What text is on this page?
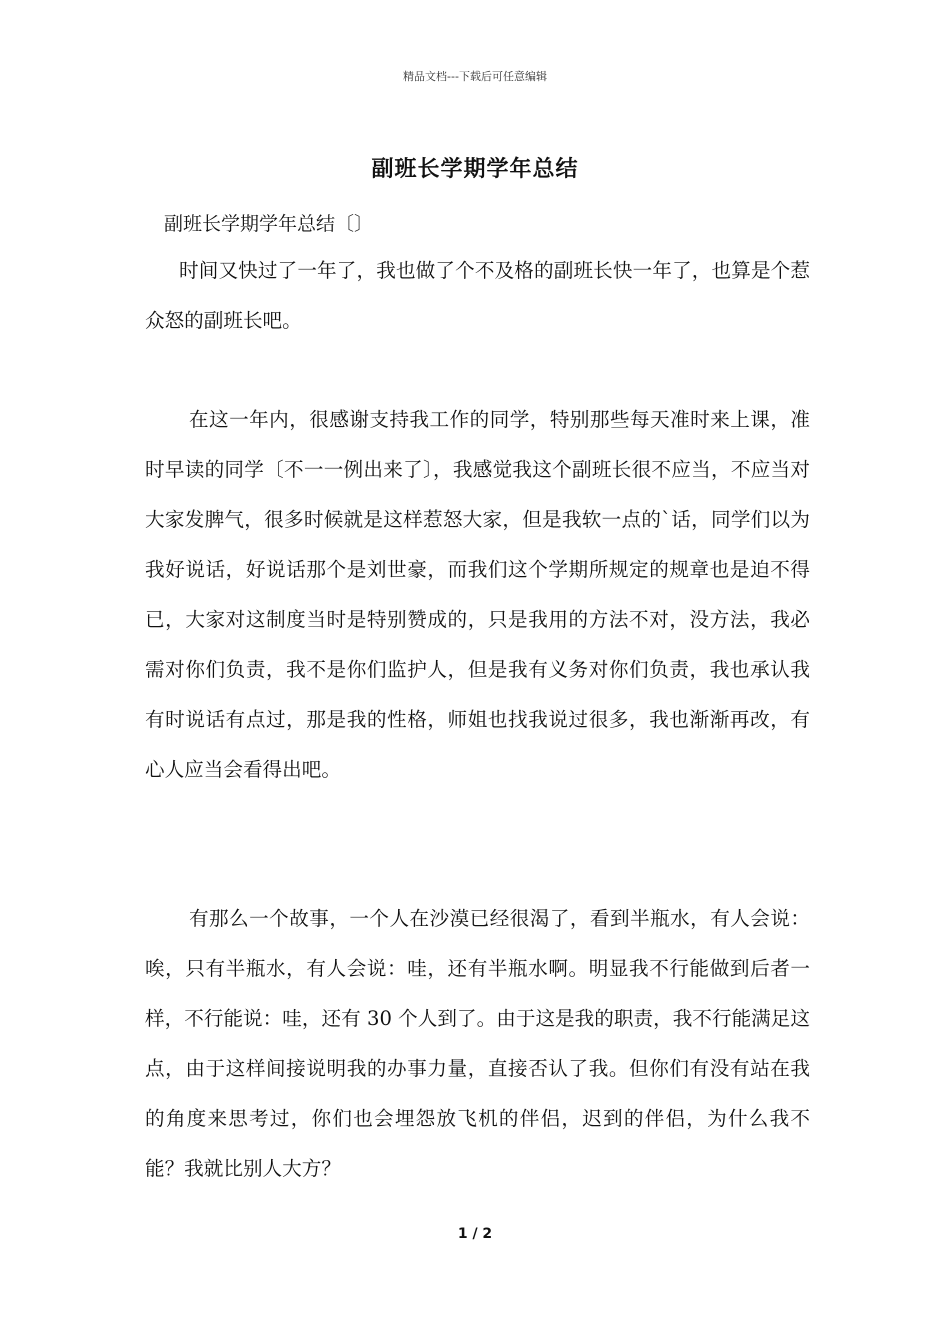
精品文档---下载后可任意编辑
副班长学期学年总结
副班长学期学年总结〔〕

时间又快过了一年了，我也做了个不及格的副班长快一年了，也算是个惹众怒的副班长吧。

在这一年内，很感谢支持我工作的同学，特别那些每天准时来上课，准时早读的同学〔不一一例出来了〕，我感觉我这个副班长很不应当，不应当对大家发脾气，很多时候就是这样惹怒大家，但是我软一点的`话，同学们以为我好说话，好说话那个是刘世豪，而我们这个学期所规定的规章也是迫不得已，大家对这制度当时是特别赞成的，只是我用的方法不对，没方法，我必需对你们负责，我不是你们监护人，但是我有义务对你们负责，我也承认我有时说话有点过，那是我的性格，师姐也找我说过很多，我也渐渐再改，有心人应当会看得出吧。

有那么一个故事，一个人在沙漠已经很渴了，看到半瓶水，有人会说：唉，只有半瓶水，有人会说：哇，还有半瓶水啊。明显我不行能做到后者一样，不行能说：哇，还有 30 个人到了。由于这是我的职责，我不行能满足这点，由于这样间接说明我的办事力量，直接否认了我。但你们有没有站在我的角度来思考过，你们也会埋怨放飞机的伴侣，迟到的伴侣，为什么我不能？我就比别人大方？

1 / 2
